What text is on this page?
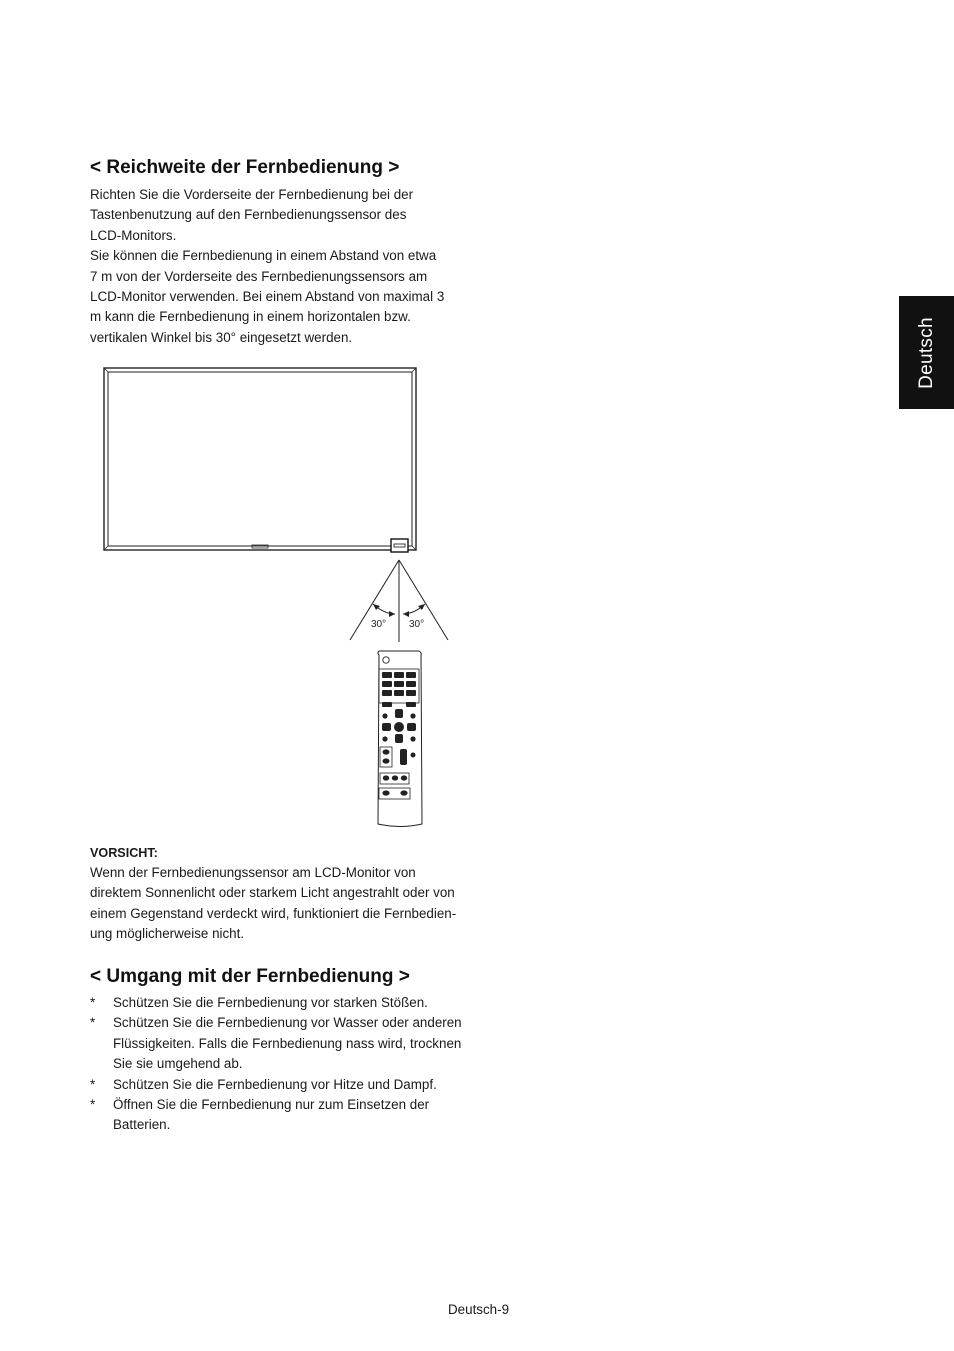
< Reichweite der Fernbedienung >

Richten Sie die Vorderseite der Fernbedienung bei der
Tastenbenutzung auf den Fernbedienungssensor des
LCD-Monitors.
Sie können die Fernbedienung in einem Abstand von etwa
7 m von der Vorderseite des Fernbedienungssensors am
LCD-Monitor verwenden. Bei einem Abstand von maximal 3
m kann die Fernbedienung in einem horizontalen bzw.
vertikalen Winkel bis 30° eingesetzt werden.

30° 30°

VORSICHT:

Wenn der Fernbedienungssensor am LCD-Monitor von
direktem Sonnenlicht oder starkem Licht angestrahlt oder von
einem Gegenstand verdeckt wird, funktioniert die Fernbedien-
ung möglicherweise nicht.

< Umgang mit der Fernbedienung >
* Schützen Sie die Fernbedienung vor starken Stößen.
* Schützen Sie die Fernbedienung vor Wasser oder anderen
Flüssigkeiten. Falls die Fernbedienung nass wird, trocknen
Sie sie umgehend ab.
* Schützen Sie die Fernbedienung vor Hitze und Dampf.
* Öffnen Sie die Fernbedienung nur zum Einsetzen der
Batterien.
Deutsch

Deutsch-9
